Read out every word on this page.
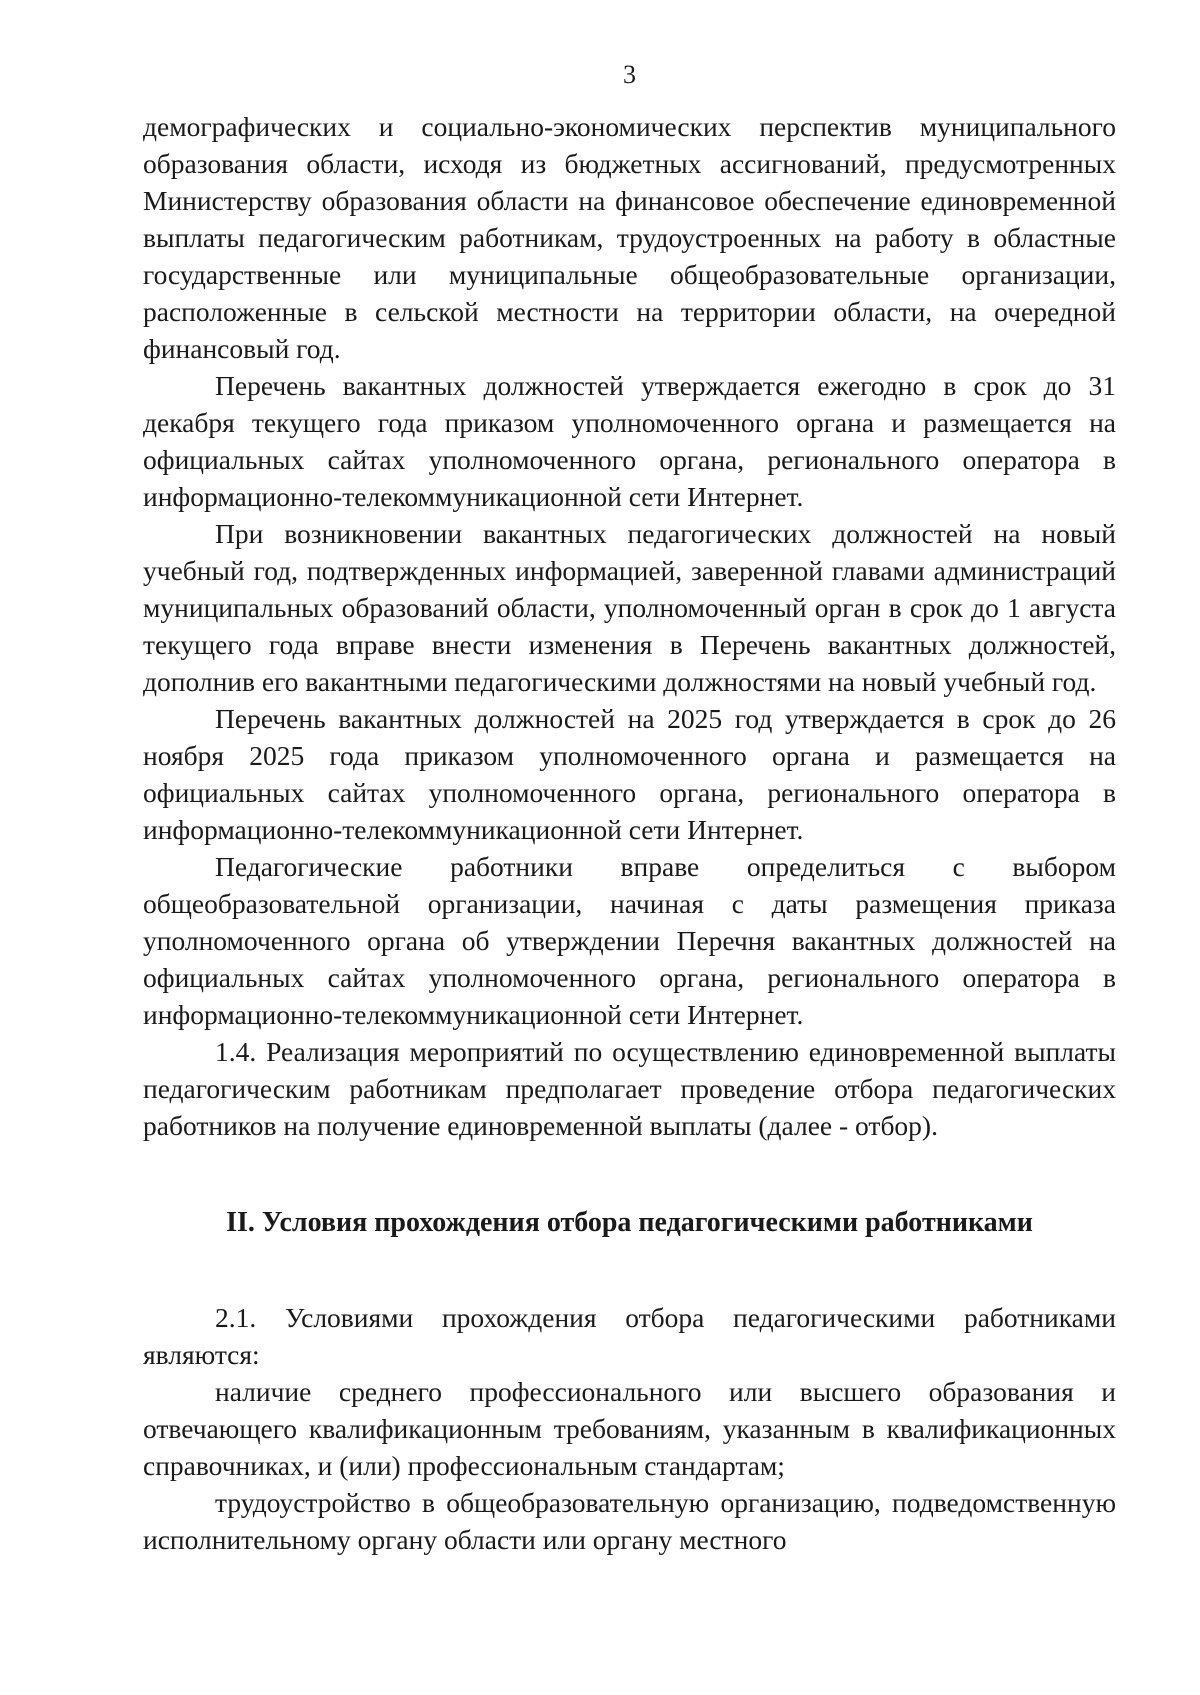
3

демографических и социально-экономических перспектив муниципального образования области, исходя из бюджетных ассигнований, предусмотренных Министерству образования области на финансовое обеспечение единовременной выплаты педагогическим работникам, трудоустроенных на работу в областные государственные или муниципальные общеобразовательные организации, расположенные в сельской местности на территории области, на очередной финансовый год.

Перечень вакантных должностей утверждается ежегодно в срок до 31 декабря текущего года приказом уполномоченного органа и размещается на официальных сайтах уполномоченного органа, регионального оператора в информационно-телекоммуникационной сети Интернет.

При возникновении вакантных педагогических должностей на новый учебный год, подтвержденных информацией, заверенной главами администраций муниципальных образований области, уполномоченный орган в срок до 1 августа текущего года вправе внести изменения в Перечень вакантных должностей, дополнив его вакантными педагогическими должностями на новый учебный год.

Перечень вакантных должностей на 2025 год утверждается в срок до 26 ноября 2025 года приказом уполномоченного органа и размещается на официальных сайтах уполномоченного органа, регионального оператора в информационно-телекоммуникационной сети Интернет.

Педагогические работники вправе определиться с выбором общеобразовательной организации, начиная с даты размещения приказа уполномоченного органа об утверждении Перечня вакантных должностей на официальных сайтах уполномоченного органа, регионального оператора в информационно-телекоммуникационной сети Интернет.

1.4. Реализация мероприятий по осуществлению единовременной выплаты педагогическим работникам предполагает проведение отбора педагогических работников на получение единовременной выплаты (далее - отбор).

II. Условия прохождения отбора педагогическими работниками

2.1. Условиями прохождения отбора педагогическими работниками являются:

наличие среднего профессионального или высшего образования и отвечающего квалификационным требованиям, указанным в квалификационных справочниках, и (или) профессиональным стандартам;

трудоустройство в общеобразовательную организацию, подведомственную исполнительному органу области или органу местного
